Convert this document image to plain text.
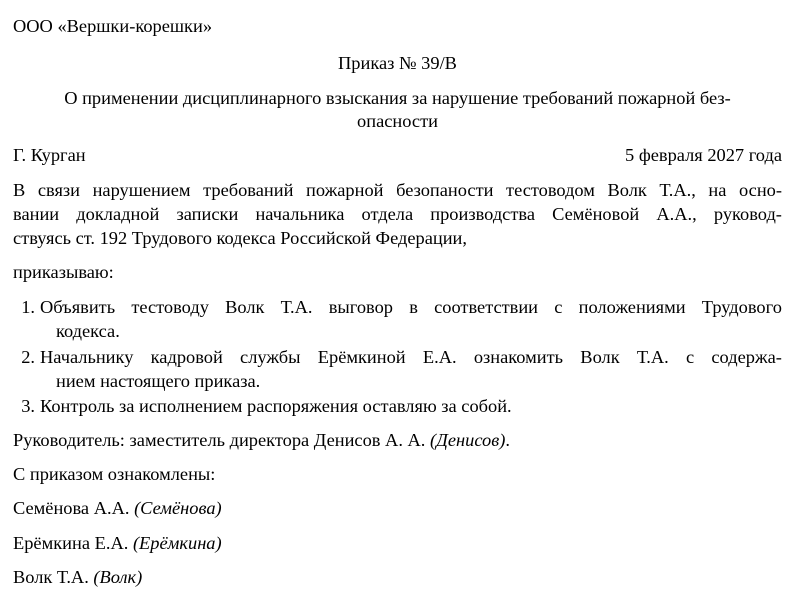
ООО «Вершки-корешки»
Приказ № 39/В
О применении дисциплинарного взыскания за нарушение требований пожарной без-
опасности
Г. Курган	5 февраля 2027 года
В связи нарушением требований пожарной безопаности тестоводом Волк Т.А., на осно-
вании докладной записки начальника отдела производства Семёновой А.А., руковод-
ствуясь ст. 192 Трудового кодекса Российской Федерации,
приказываю:
1. Объявить тестоводу Волк Т.А. выговор в соответствии с положениями Трудового
кодекса.
2. Начальнику кадровой службы Ерёмкиной Е.А. ознакомить Волк Т.А. с содержа-
нием настоящего приказа.
3. Контроль за исполнением распоряжения оставляю за собой.
Руководитель: заместитель директора Денисов А. А. (Денисов).
С приказом ознакомлены:
Семёнова А.А. (Семёнова)
Ерёмкина Е.А. (Ерёмкина)
Волк Т.А. (Волк)
